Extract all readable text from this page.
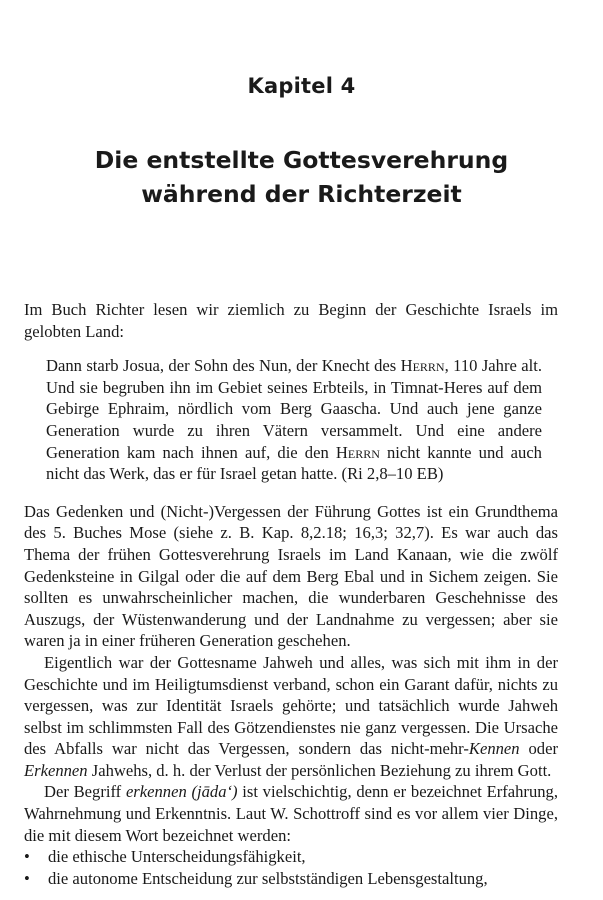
Kapitel 4
Die entstellte Gottesverehrung
während der Richterzeit

Im Buch Richter lesen wir ziemlich zu Beginn der Geschichte Israels im gelobten Land:

Dann starb Josua, der Sohn des Nun, der Knecht des Herrn, 110 Jahre alt. Und sie begruben ihn im Gebiet seines Erbteils, in Timnat-Heres auf dem Gebirge Ephraim, nördlich vom Berg Gaascha. Und auch jene ganze Generation wurde zu ihren Vätern versammelt. Und eine andere Generation kam nach ihnen auf, die den Herrn nicht kannte und auch nicht das Werk, das er für Israel getan hatte. (Ri 2,8–10 EB)

Das Gedenken und (Nicht-)Vergessen der Führung Gottes ist ein Grundthema des 5. Buches Mose (siehe z. B. Kap. 8,2.18; 16,3; 32,7). Es war auch das Thema der frühen Gottesverehrung Israels im Land Kanaan, wie die zwölf Gedenksteine in Gilgal oder die auf dem Berg Ebal und in Sichem zeigen. Sie sollten es unwahrscheinlicher machen, die wunderbaren Geschehnisse des Auszugs, der Wüstenwanderung und der Landnahme zu vergessen; aber sie waren ja in einer früheren Generation geschehen.

Eigentlich war der Gottesname Jahweh und alles, was sich mit ihm in der Geschichte und im Heiligtumsdienst verband, schon ein Garant dafür, nichts zu vergessen, was zur Identität Israels gehörte; und tatsächlich wurde Jahweh selbst im schlimmsten Fall des Götzendienstes nie ganz vergessen. Die Ursache des Abfalls war nicht das Vergessen, sondern das nicht-mehr-Kennen oder Erkennen Jahwehs, d. h. der Verlust der persönlichen Beziehung zu ihrem Gott.

Der Begriff erkennen (jāda‘) ist vielschichtig, denn er bezeichnet Erfahrung, Wahrnehmung und Erkenntnis. Laut W. Schottroff sind es vor allem vier Dinge, die mit diesem Wort bezeichnet werden:

• die ethische Unterscheidungsfähigkeit,
• die autonome Entscheidung zur selbstständigen Lebensgestaltung,
